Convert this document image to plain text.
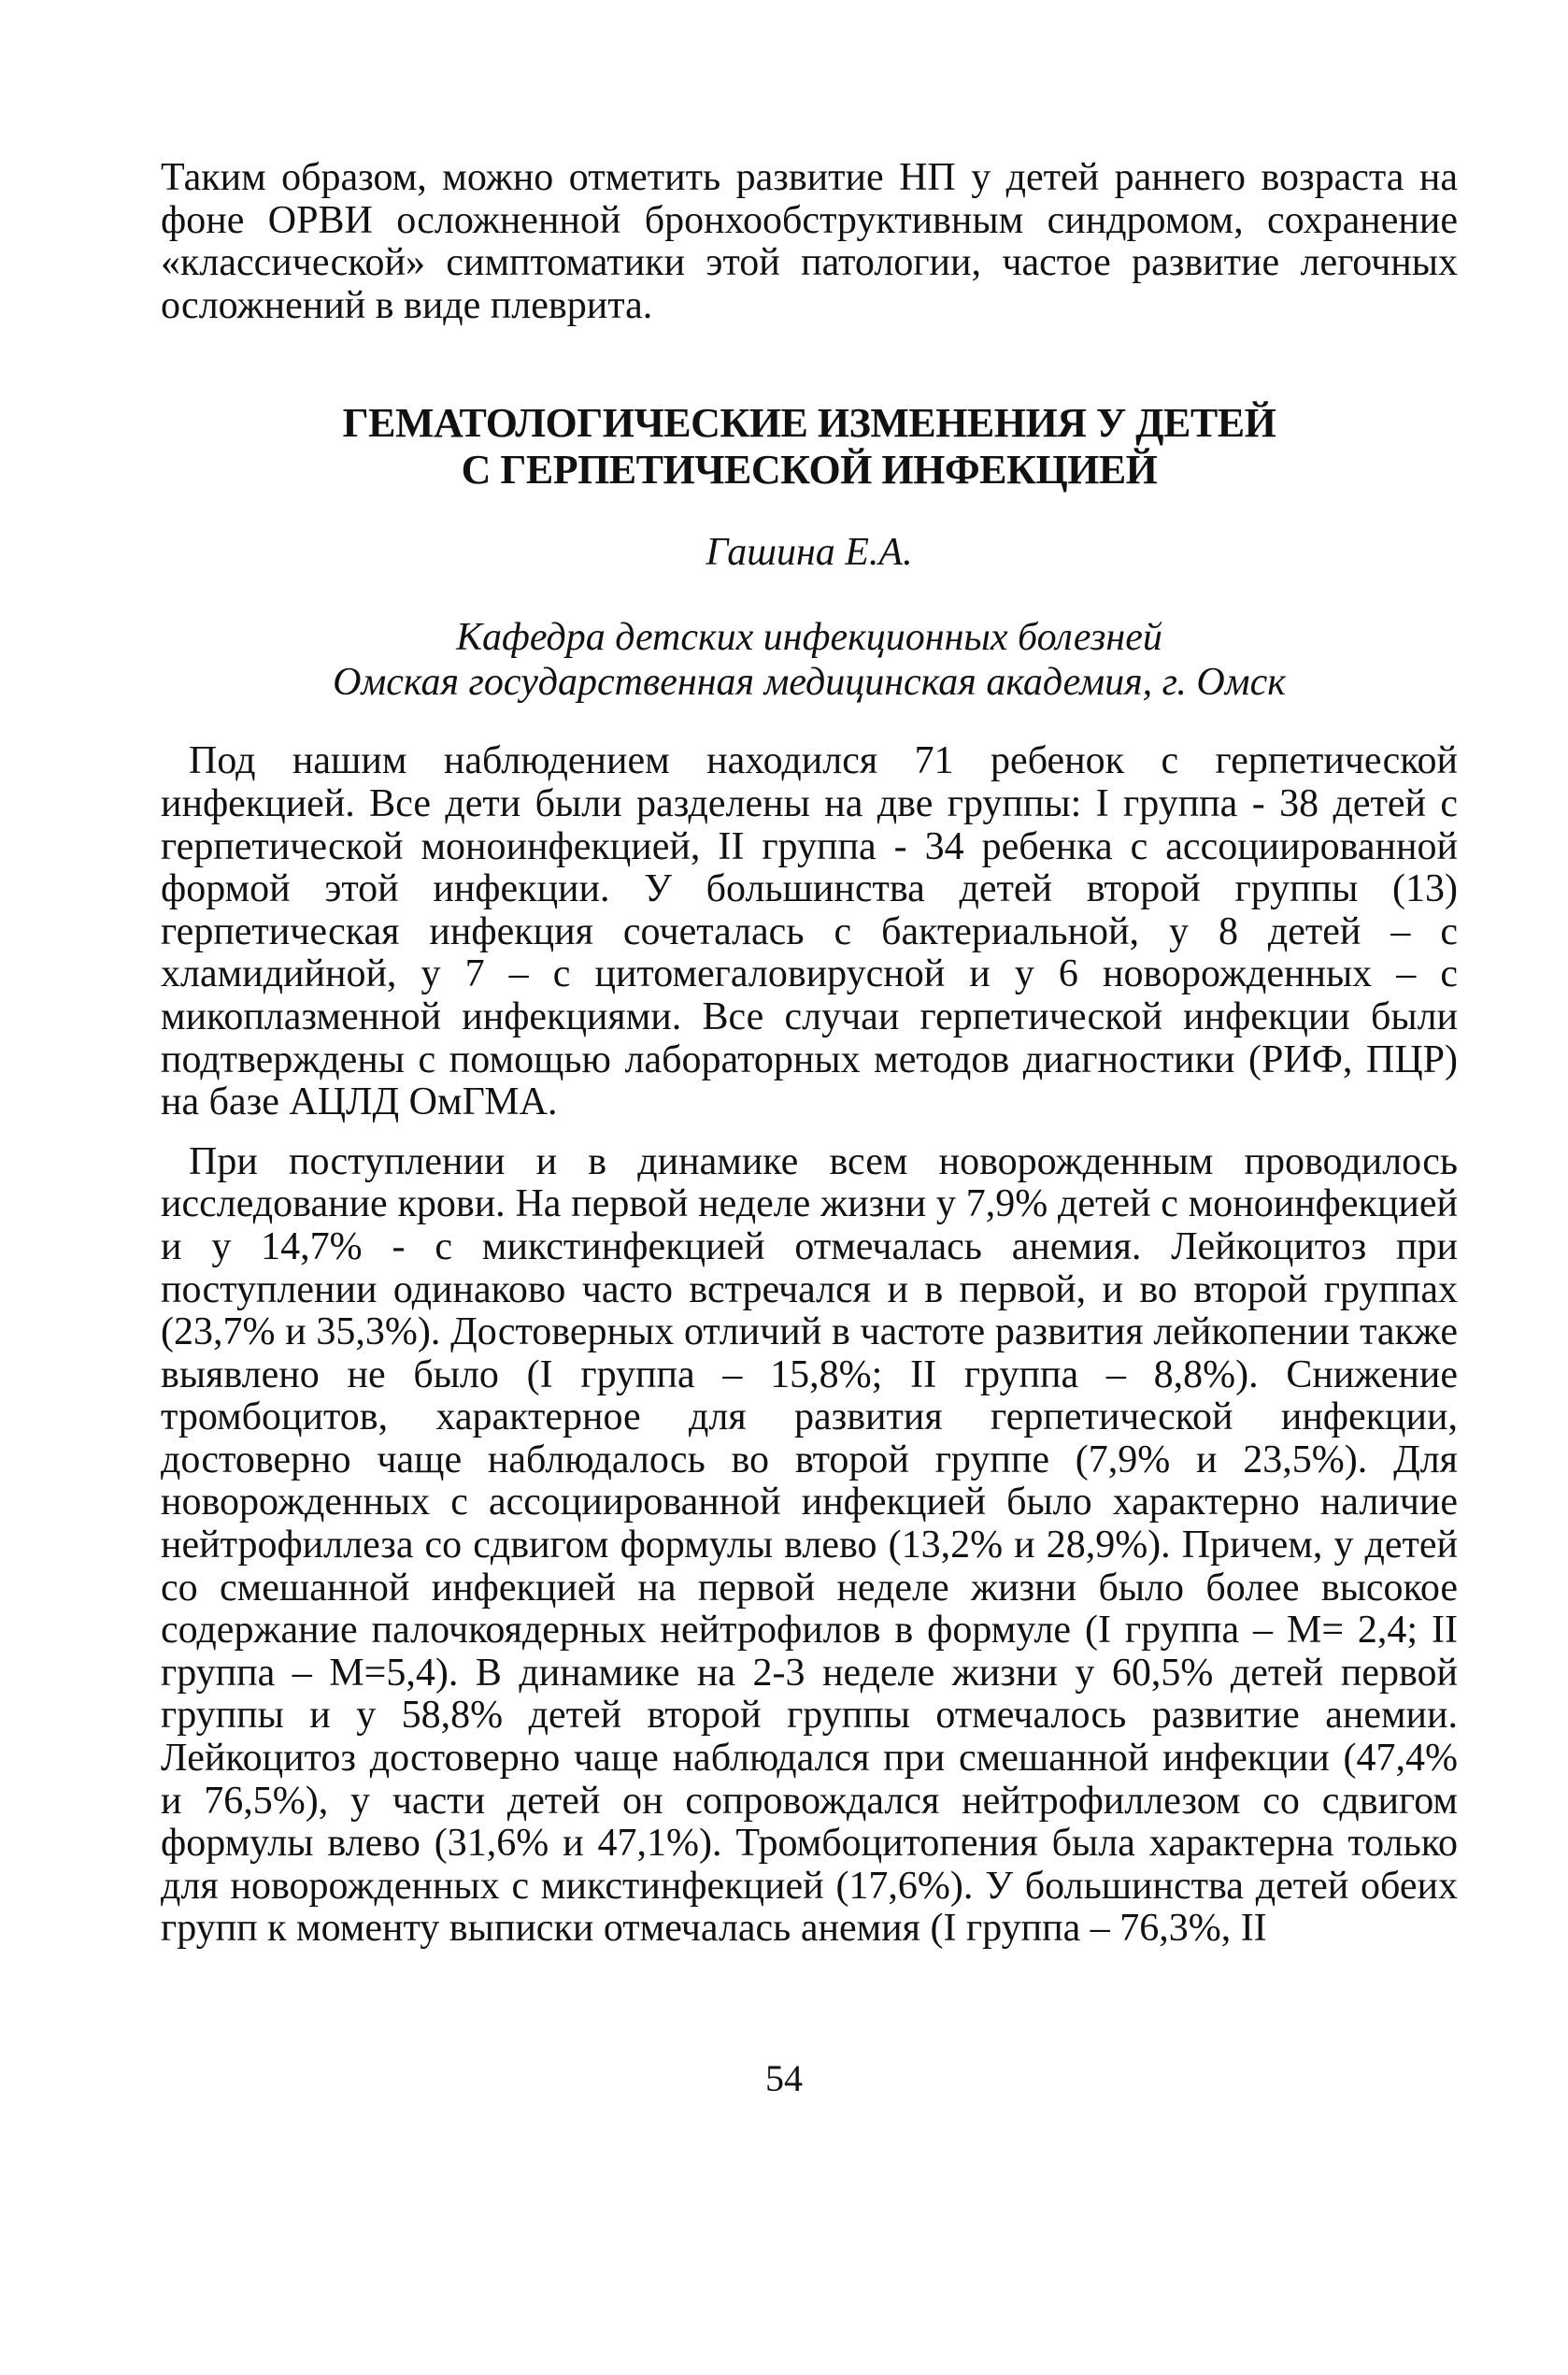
Таким образом, можно отметить развитие НП у детей раннего возраста на фоне ОРВИ осложненной бронхообструктивным синдромом, сохранение «классической» симптоматики этой патологии, частое развитие легочных осложнений в виде плеврита.

ГЕМАТОЛОГИЧЕСКИЕ ИЗМЕНЕНИЯ У ДЕТЕЙ
С ГЕРПЕТИЧЕСКОЙ ИНФЕКЦИЕЙ

Гашина Е.А.

Кафедра детских инфекционных болезней
Омская государственная медицинская академия, г. Омск

Под нашим наблюдением находился 71 ребенок с герпетической инфекцией. Все дети были разделены на две группы: I группа - 38 детей с герпетической моноинфекцией, II группа - 34 ребенка с ассоциированной формой этой инфекции. У большинства детей второй группы (13) герпетическая инфекция сочеталась с бактериальной, у 8 детей – с хламидийной, у 7 – с цитомегаловирусной и у 6 новорожденных – с микоплазменной инфекциями. Все случаи герпетической инфекции были подтверждены с помощью лабораторных методов диагностики (РИФ, ПЦР) на базе АЦЛД ОмГМА.

При поступлении и в динамике всем новорожденным проводилось исследование крови. На первой неделе жизни у 7,9% детей с моноинфекцией и у 14,7% - с микстинфекцией отмечалась анемия. Лейкоцитоз при поступлении одинаково часто встречался и в первой, и во второй группах (23,7% и 35,3%). Достоверных отличий в частоте развития лейкопении также выявлено не было (I группа – 15,8%; II группа – 8,8%). Снижение тромбоцитов, характерное для развития герпетической инфекции, достоверно чаще наблюдалось во второй группе (7,9% и 23,5%). Для новорожденных с ассоциированной инфекцией было характерно наличие нейтрофиллеза со сдвигом формулы влево (13,2% и 28,9%). Причем, у детей со смешанной инфекцией на первой неделе жизни было более высокое содержание палочкоядерных нейтрофилов в формуле (I группа – М= 2,4; II группа – М=5,4). В динамике на 2-3 неделе жизни у 60,5% детей первой группы и у 58,8% детей второй группы отмечалось развитие анемии. Лейкоцитоз достоверно чаще наблюдался при смешанной инфекции (47,4% и 76,5%), у части детей он сопровождался нейтрофиллезом со сдвигом формулы влево (31,6% и 47,1%). Тромбоцитопения была характерна только для новорожденных с микстинфекцией (17,6%). У большинства детей обеих групп к моменту выписки отмечалась анемия (I группа – 76,3%, II

54
